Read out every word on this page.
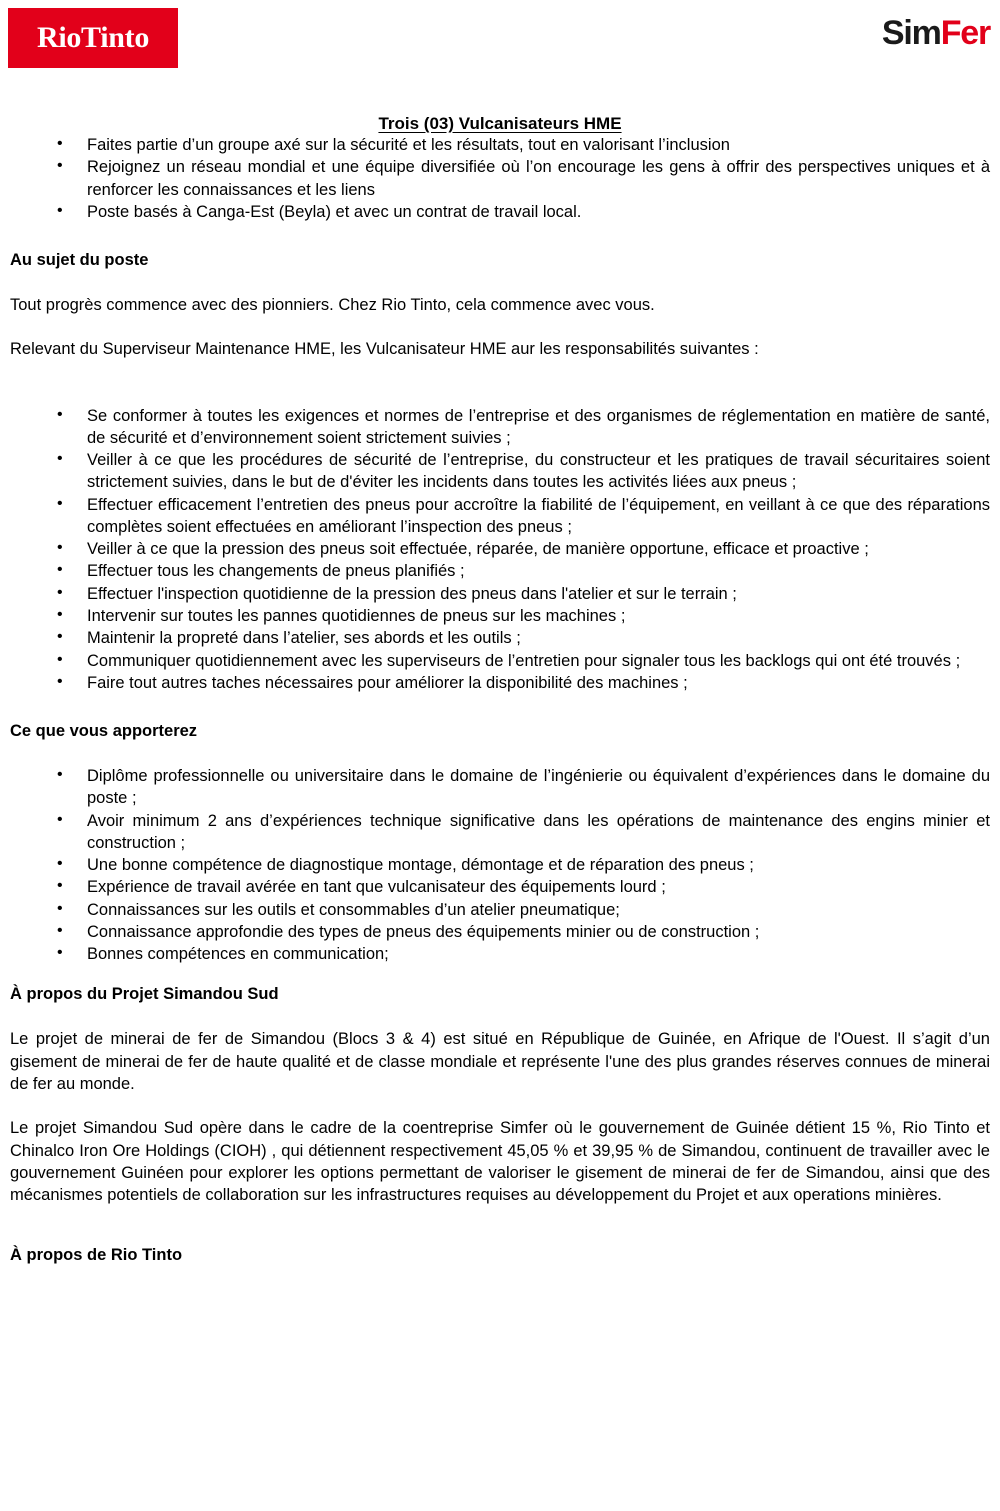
RioTinto	SimFer
Trois (03) Vulcanisateurs HME
• Faites partie d’un groupe axé sur la sécurité et les résultats, tout en valorisant l’inclusion
• Rejoignez un réseau mondial et une équipe diversifiée où l’on encourage les gens à offrir des perspectives uniques et à renforcer les connaissances et les liens
• Poste basés à Canga-Est (Beyla) et avec un contrat de travail local.
Au sujet du poste

Tout progrès commence avec des pionniers. Chez Rio Tinto, cela commence avec vous.

Relevant du Superviseur Maintenance HME, les Vulcanisateur HME aur les responsabilités suivantes :

• Se conformer à toutes les exigences et normes de l’entreprise et des organismes de réglementation en matière de santé, de sécurité et d’environnement soient strictement suivies ;
• Veiller à ce que les procédures de sécurité de l’entreprise, du constructeur et les pratiques de travail sécuritaires soient strictement suivies, dans le but de d'éviter les incidents dans toutes les activités liées aux pneus ;
• Effectuer efficacement l’entretien des pneus pour accroître la fiabilité de l’équipement, en veillant à ce que des réparations complètes soient effectuées en améliorant l’inspection des pneus ;
• Veiller à ce que la pression des pneus soit effectuée, réparée, de manière opportune, efficace et proactive ;
• Effectuer tous les changements de pneus planifiés ;
• Effectuer l'inspection quotidienne de la pression des pneus dans l'atelier et sur le terrain ;
• Intervenir sur toutes les pannes quotidiennes de pneus sur les machines ;
• Maintenir la propreté dans l’atelier, ses abords et les outils ;
• Communiquer quotidiennement avec les superviseurs de l’entretien pour signaler tous les backlogs qui ont été trouvés ;
• Faire tout autres taches nécessaires pour améliorer la disponibilité des machines ;
Ce que vous apporterez
• Diplôme professionnelle ou universitaire dans le domaine de l’ingénierie ou équivalent d’expériences dans le domaine du poste ;
• Avoir minimum 2 ans d’expériences technique significative dans les opérations de maintenance des engins minier et construction ;
• Une bonne compétence de diagnostique montage, démontage et de réparation des pneus ;
• Expérience de travail avérée en tant que vulcanisateur des équipements lourd ;
• Connaissances sur les outils et consommables d’un atelier pneumatique;
• Connaissance approfondie des types de pneus des équipements minier ou de construction ;
• Bonnes compétences en communication;
À propos du Projet Simandou Sud

Le projet de minerai de fer de Simandou (Blocs 3 & 4) est situé en République de Guinée, en Afrique de l'Ouest. Il s’agit d’un gisement de minerai de fer de haute qualité et de classe mondiale et représente l'une des plus grandes réserves connues de minerai de fer au monde.

Le projet Simandou Sud opère dans le cadre de la coentreprise Simfer où le gouvernement de Guinée détient 15 %, Rio Tinto et Chinalco Iron Ore Holdings (CIOH) , qui détiennent respectivement 45,05 % et 39,95 % de Simandou, continuent de travailler avec le gouvernement Guinéen pour explorer les options permettant de valoriser le gisement de minerai de fer de Simandou, ainsi que des mécanismes potentiels de collaboration sur les infrastructures requises au développement du Projet et aux operations minières.

À propos de Rio Tinto
